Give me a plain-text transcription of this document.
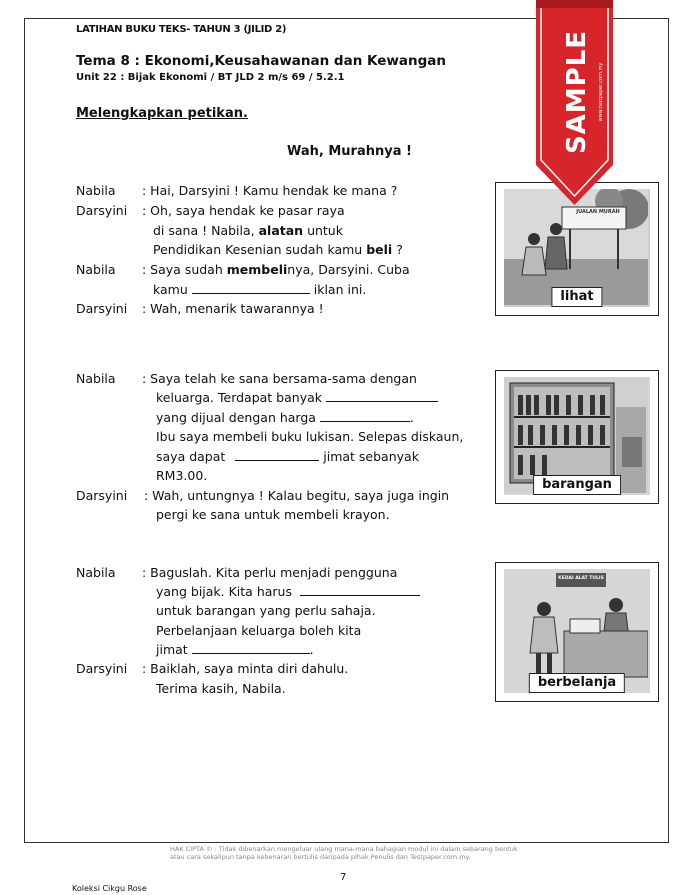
LATIHAN BUKU TEKS- TAHUN 3 (JILID 2)
Tema 8 : Ekonomi,Keusahawanan dan Kewangan
Unit 22 : Bijak Ekonomi / BT JLD 2 m/s 69 / 5.2.1
Melengkapkan petikan.
Wah, Murahnya !
Nabila : Hai, Darsyini ! Kamu hendak ke mana ?
Darsyini : Oh, saya hendak ke pasar raya
di sana ! Nabila, alatan untuk
Pendidikan Kesenian sudah kamu beli ?
Nabila : Saya sudah membelinya, Darsyini. Cuba
kamu	iklan ini.
Darsyini : Wah, menarik tawarannya !
Nabila : Saya telah ke sana bersama-sama dengan
keluarga. Terdapat banyak
yang dijual dengan harga	.
Ibu saya membeli buku lukisan. Selepas diskaun,
saya dapat	jimat sebanyak
RM3.00.
Darsyini : Wah, untungnya ! Kalau begitu, saya juga ingin
pergi ke sana untuk membeli krayon.
Nabila : Baguslah. Kita perlu menjadi pengguna
yang bijak. Kita harus
untuk barangan yang perlu sahaja.
Perbelanjaan keluarga boleh kita
jimat	.
Darsyini : Baiklah, saya minta diri dahulu.
Terima kasih, Nabila.
JUALAN MURAH
lihat
barangan
KEDAI ALAT TULIS
berbelanja
SAMPLE www.testpaper.com.my
HAK CIPTA © : Tidak dibenarkan mengeluar ulang mana-mana bahagian modul ini dalam sebarang bentuk atau cara sekalipun tanpa kebenaran bertulis daripada pihak Penulis dan Testpaper.com.my.
7
Koleksi Cikgu Rose
